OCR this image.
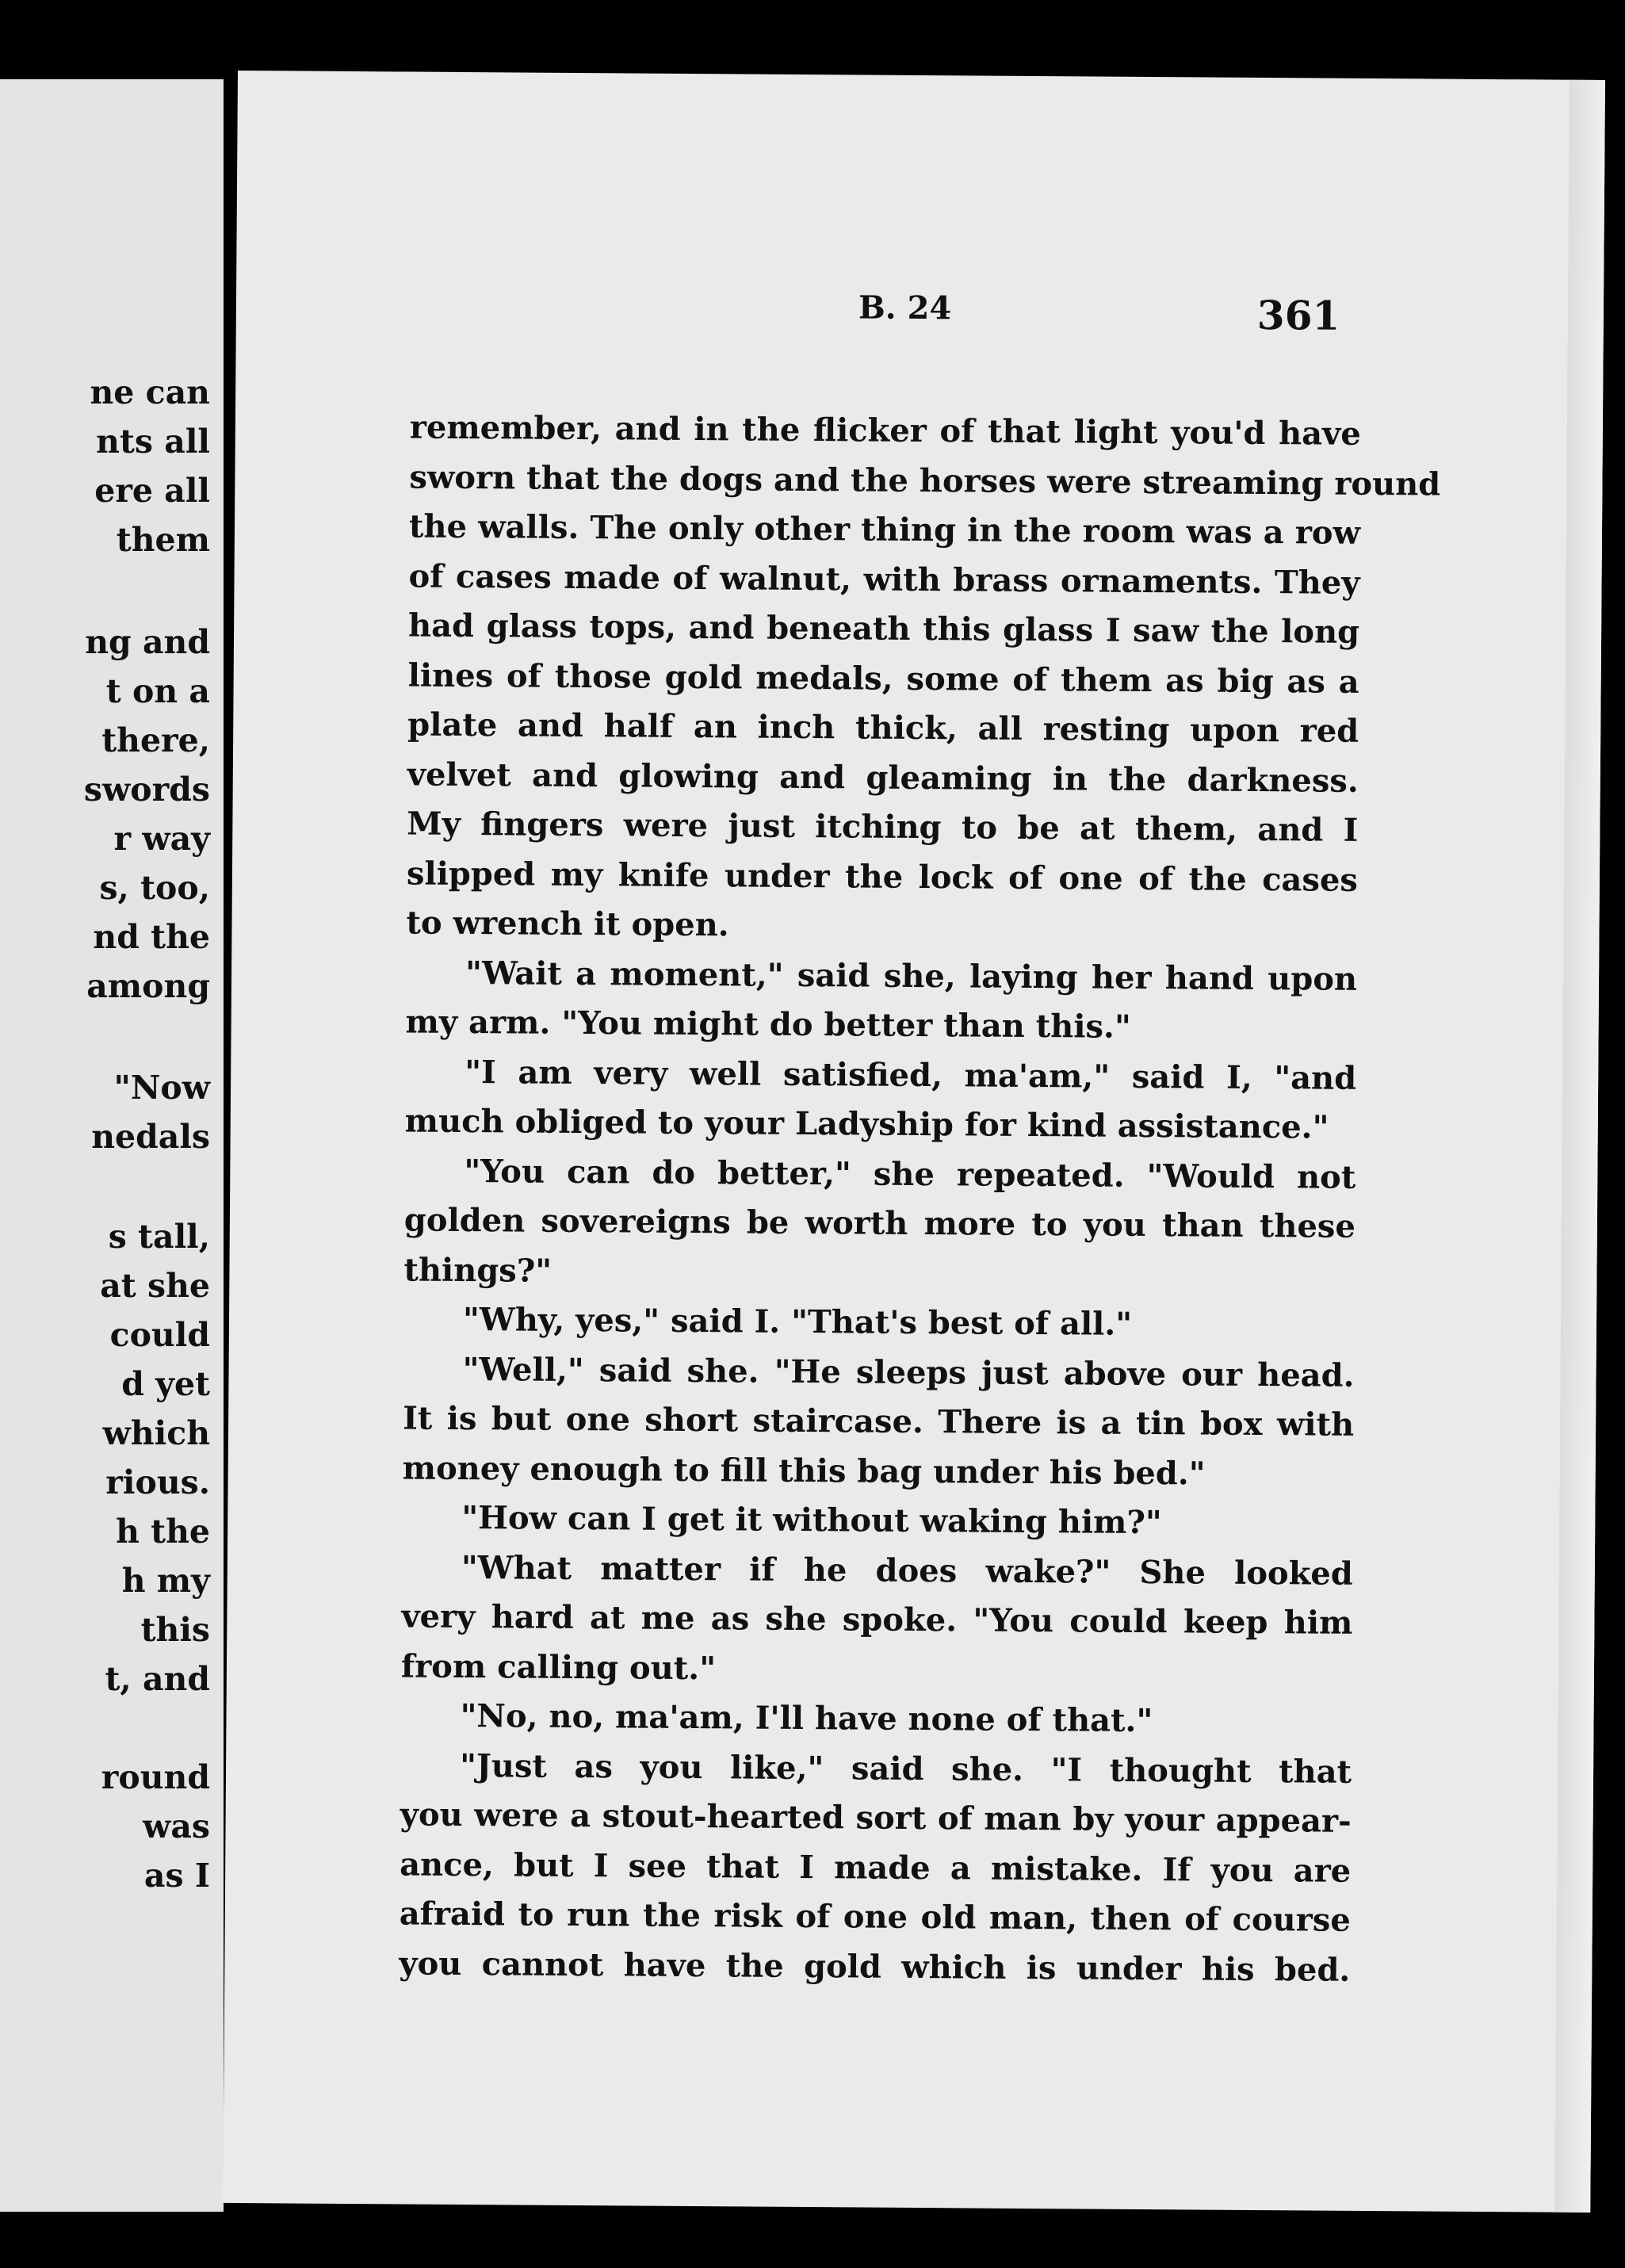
ne can
nts all
ere all
them
ng and
t on a
there,
swords
r way
s, too,
nd the
among
"Now
nedals
s tall,
at she
could
d yet
which
rious.
h the
h my
this
t, and
round
was
as I
B. 24	361
remember, and in the flicker of that light you'd have
sworn that the dogs and the horses were streaming round
the walls. The only other thing in the room was a row
of cases made of walnut, with brass ornaments. They
had glass tops, and beneath this glass I saw the long
lines of those gold medals, some of them as big as a
plate and half an inch thick, all resting upon red
velvet and glowing and gleaming in the darkness.
My fingers were just itching to be at them, and I
slipped my knife under the lock of one of the cases
to wrench it open.
"Wait a moment," said she, laying her hand upon
my arm. "You might do better than this."
"I am very well satisfied, ma'am," said I, "and
much obliged to your Ladyship for kind assistance."
"You can do better," she repeated. "Would not
golden sovereigns be worth more to you than these
things?"
"Why, yes," said I. "That's best of all."
"Well," said she. "He sleeps just above our head.
It is but one short staircase. There is a tin box with
money enough to fill this bag under his bed."
"How can I get it without waking him?"
"What matter if he does wake?" She looked
very hard at me as she spoke. "You could keep him
from calling out."
"No, no, ma'am, I'll have none of that."
"Just as you like," said she. "I thought that
you were a stout-hearted sort of man by your appear-
ance, but I see that I made a mistake. If you are
afraid to run the risk of one old man, then of course
you cannot have the gold which is under his bed.
